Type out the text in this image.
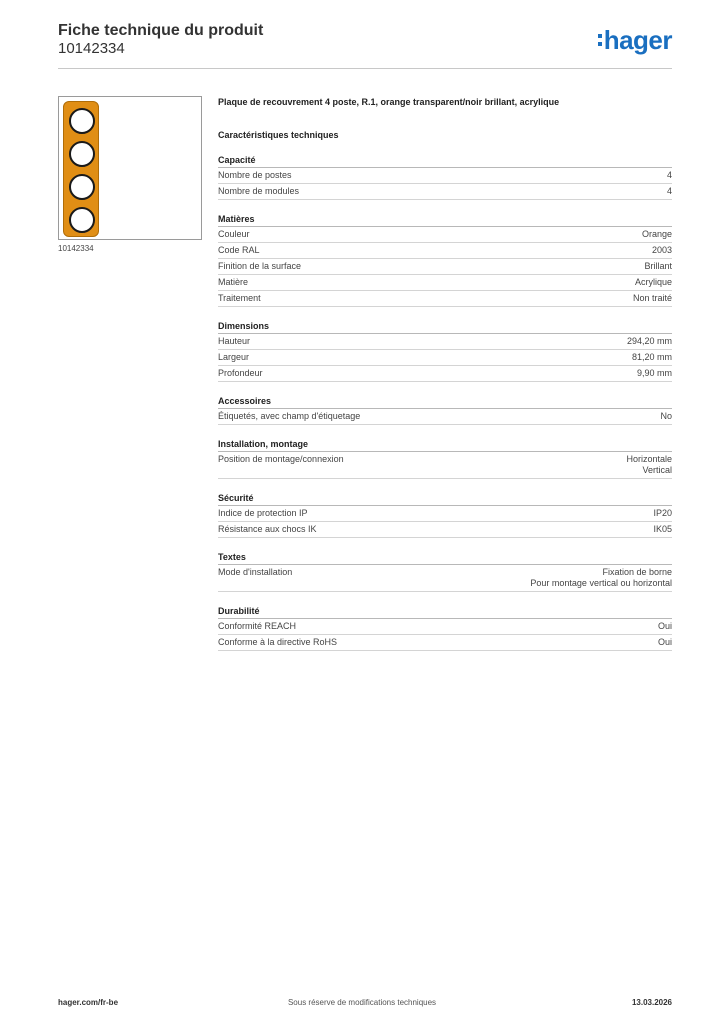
Fiche technique du produit
10142334	hager
10142334
Plaque de recouvrement 4 poste, R.1, orange transparent/noir brillant, acrylique
Caractéristiques techniques
Capacité
Nombre de postes	4
Nombre de modules	4
Matières
Couleur	Orange
Code RAL	2003
Finition de la surface	Brillant
Matière	Acrylique
Traitement	Non traité
Dimensions
Hauteur	294,20 mm
Largeur	81,20 mm
Profondeur	9,90 mm
Accessoires
Étiquetés, avec champ d'étiquetage	No
Installation, montage
Position de montage/connexion	Horizontale
Vertical
Sécurité
Indice de protection IP	IP20
Résistance aux chocs IK	IK05
Textes
Mode d'installation	Fixation de borne
Pour montage vertical ou horizontal
Durabilité
Conformité REACH	Oui
Conforme à la directive RoHS	Oui
hager.com/fr-be	Sous réserve de modifications techniques	13.03.2026
